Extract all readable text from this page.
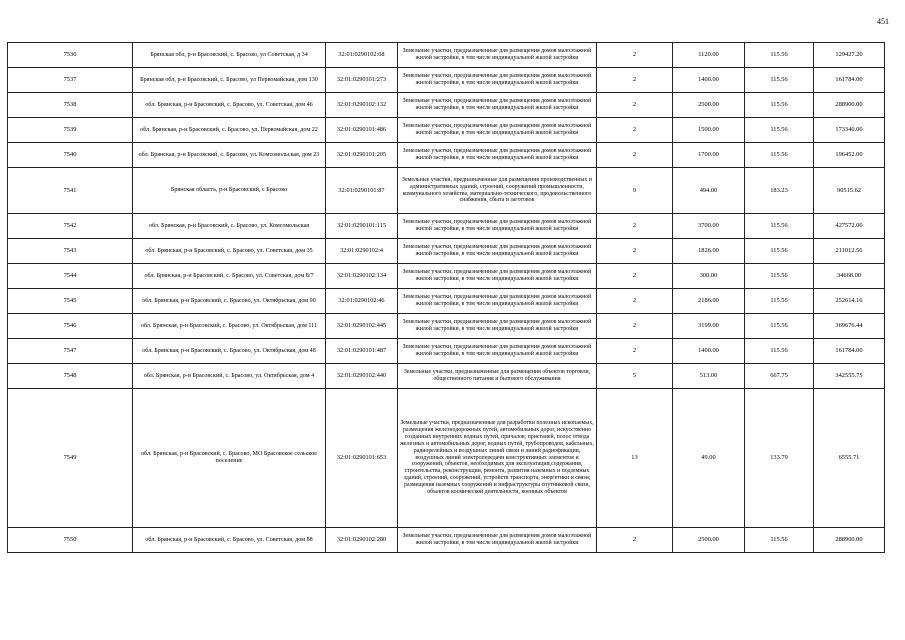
451
7536	Брянская обл, р-н Брасовский, с. Брасово, ул Советская, д 34	32:01:0290102:68	Земельные участки, предназначенные для размещения домов малоэтажной жилой застройки, в том числе индивидуальной жилой застройки	2	1120.00	115.56	129427.20
7537	Брянская обл, р-н Брасовский, с. Брасово, ул Первомайская, дом 130	32:01:0290101:273	Земельные участки, предназначенные для размещения домов малоэтажной жилой застройки, в том числе индивидуальной жилой застройки	2	1400.00	115.56	161784.00
7538	обл. Брянская, р-н Брасовский, с. Брасово, ул. Советская, дом 46	32:01:0290102:132	Земельные участки, предназначенные для размещения домов малоэтажной жилой застройки, в том числе индивидуальной жилой застройки	2	2500.00	115.56	288900.00
7539	обл. Брянская, р-н Брасовский, с. Брасово, ул. Первомайская, дом 22	32:01:0290101:486	Земельные участки, предназначенные для размещения домов малоэтажной жилой застройки, в том числе индивидуальной жилой застройки	2	1500.00	115.56	173340.00
7540	обл. Брянская, р-н Брасовский, с. Брасово, ул. Комсомольская, дом 23	32:01:0290101:205	Земельные участки, предназначенные для размещения домов малоэтажной жилой застройки, в том числе индивидуальной жилой застройки	2	1700.00	115.56	196452.00
7541	Брянская область, р-н Брасовский, с Брасово	32:01:0290101:87	Земельные участки, предназначенные для размещения производственных и административных зданий, строений, сооружений промышленности, коммунального хозяйства, материально-технического, продовольственного снабжения, сбыта и заготовок	9	494.00	183.23	90515.62
7542	обл. Брянская, р-н Брасовский, с. Брасово, ул. Комсомольская	32:01:0290101:115	Земельные участки, предназначенные для размещения домов малоэтажной жилой застройки, в том числе индивидуальной жилой застройки	2	3700.00	115.56	427572.00
7543	обл. Брянская, р-н Брасовский, с. Брасово, ул. Советская, дом 35	32:01:0290102:4	Земельные участки, предназначенные для размещения домов малоэтажной жилой застройки, в том числе индивидуальной жилой застройки	2	1826.00	115.56	211012.56
7544	обл. Брянская, р-н Брасовский, с. Брасово, ул. Советская, дом 8/7	32:01:0290102:134	Земельные участки, предназначенные для размещения домов малоэтажной жилой застройки, в том числе индивидуальной жилой застройки	2	300.00	115.56	34668.00
7545	обл. Брянская, р-н Брасовский, с. Брасово, ул. Октябрьская, дом 90	32:01:0290102:46	Земельные участки, предназначенные для размещения домов малоэтажной жилой застройки, в том числе индивидуальной жилой застройки	2	2186.00	115.56	252614.16
7546	обл. Брянская, р-н Брасовский, с. Брасово, ул. Октябрьская, дом 111	32:01:0290102:445	Земельные участки, предназначенные для размещения домов малоэтажной жилой застройки, в том числе индивидуальной жилой застройки	2	3199.00	115.56	369676.44
7547	обл. Брянская, р-н Брасовский, с. Брасово, ул. Октябрьская, дом 48	32:01:0290101:487	Земельные участки, предназначенные для размещения домов малоэтажной жилой застройки, в том числе индивидуальной жилой застройки	2	1400.00	115.56	161784.00
7548	обл. Брянская, р-н Брасовский, с. Брасово, ул. Октябрьская, дом 4	32:01:0290102:440	Земельные участки, предназначенные для размещения объектов торговли, общественного питания и бытового обслуживания	5	513.00	667.75	342555.75
7549	обл. Брянская, р-н Брасовский, с. Брасово, МО Брасовское сельское поселение	32:01:0290101:653	Земельные участки, предназначенные для разработки полезных ископаемых, размещения железнодорожных путей, автомобильных дорог, искусственно созданных внутренних водных путей, причалов, пристаней, полос отвода железных и автомобильных дорог, водных путей, трубопроводов, кабельных, радиорелейных и воздушных линий связи и линий радиофикации, воздушных линий электропередачи конструктивных элементов и сооружений, объектов, необходимых для эксплуатации,содержания, строительства, реконструкции, ремонта, развития наземных и подземных зданий, строений, сооружений, устройств транспорта, энергетики и связи; размещения наземных сооружений и инфраструктуры спутниковой связи, объектов космической деятельности, военных объектов	13	49.00	133.79	6555.71
7550	обл. Брянская, р-н Брасовский, с. Брасово, ул. Советская, дом 88	32:01:0290102:280	Земельные участки, предназначенные для размещения домов малоэтажной жилой застройки, в том числе индивидуальной жилой застройки	2	2500.00	115.56	288900.00
